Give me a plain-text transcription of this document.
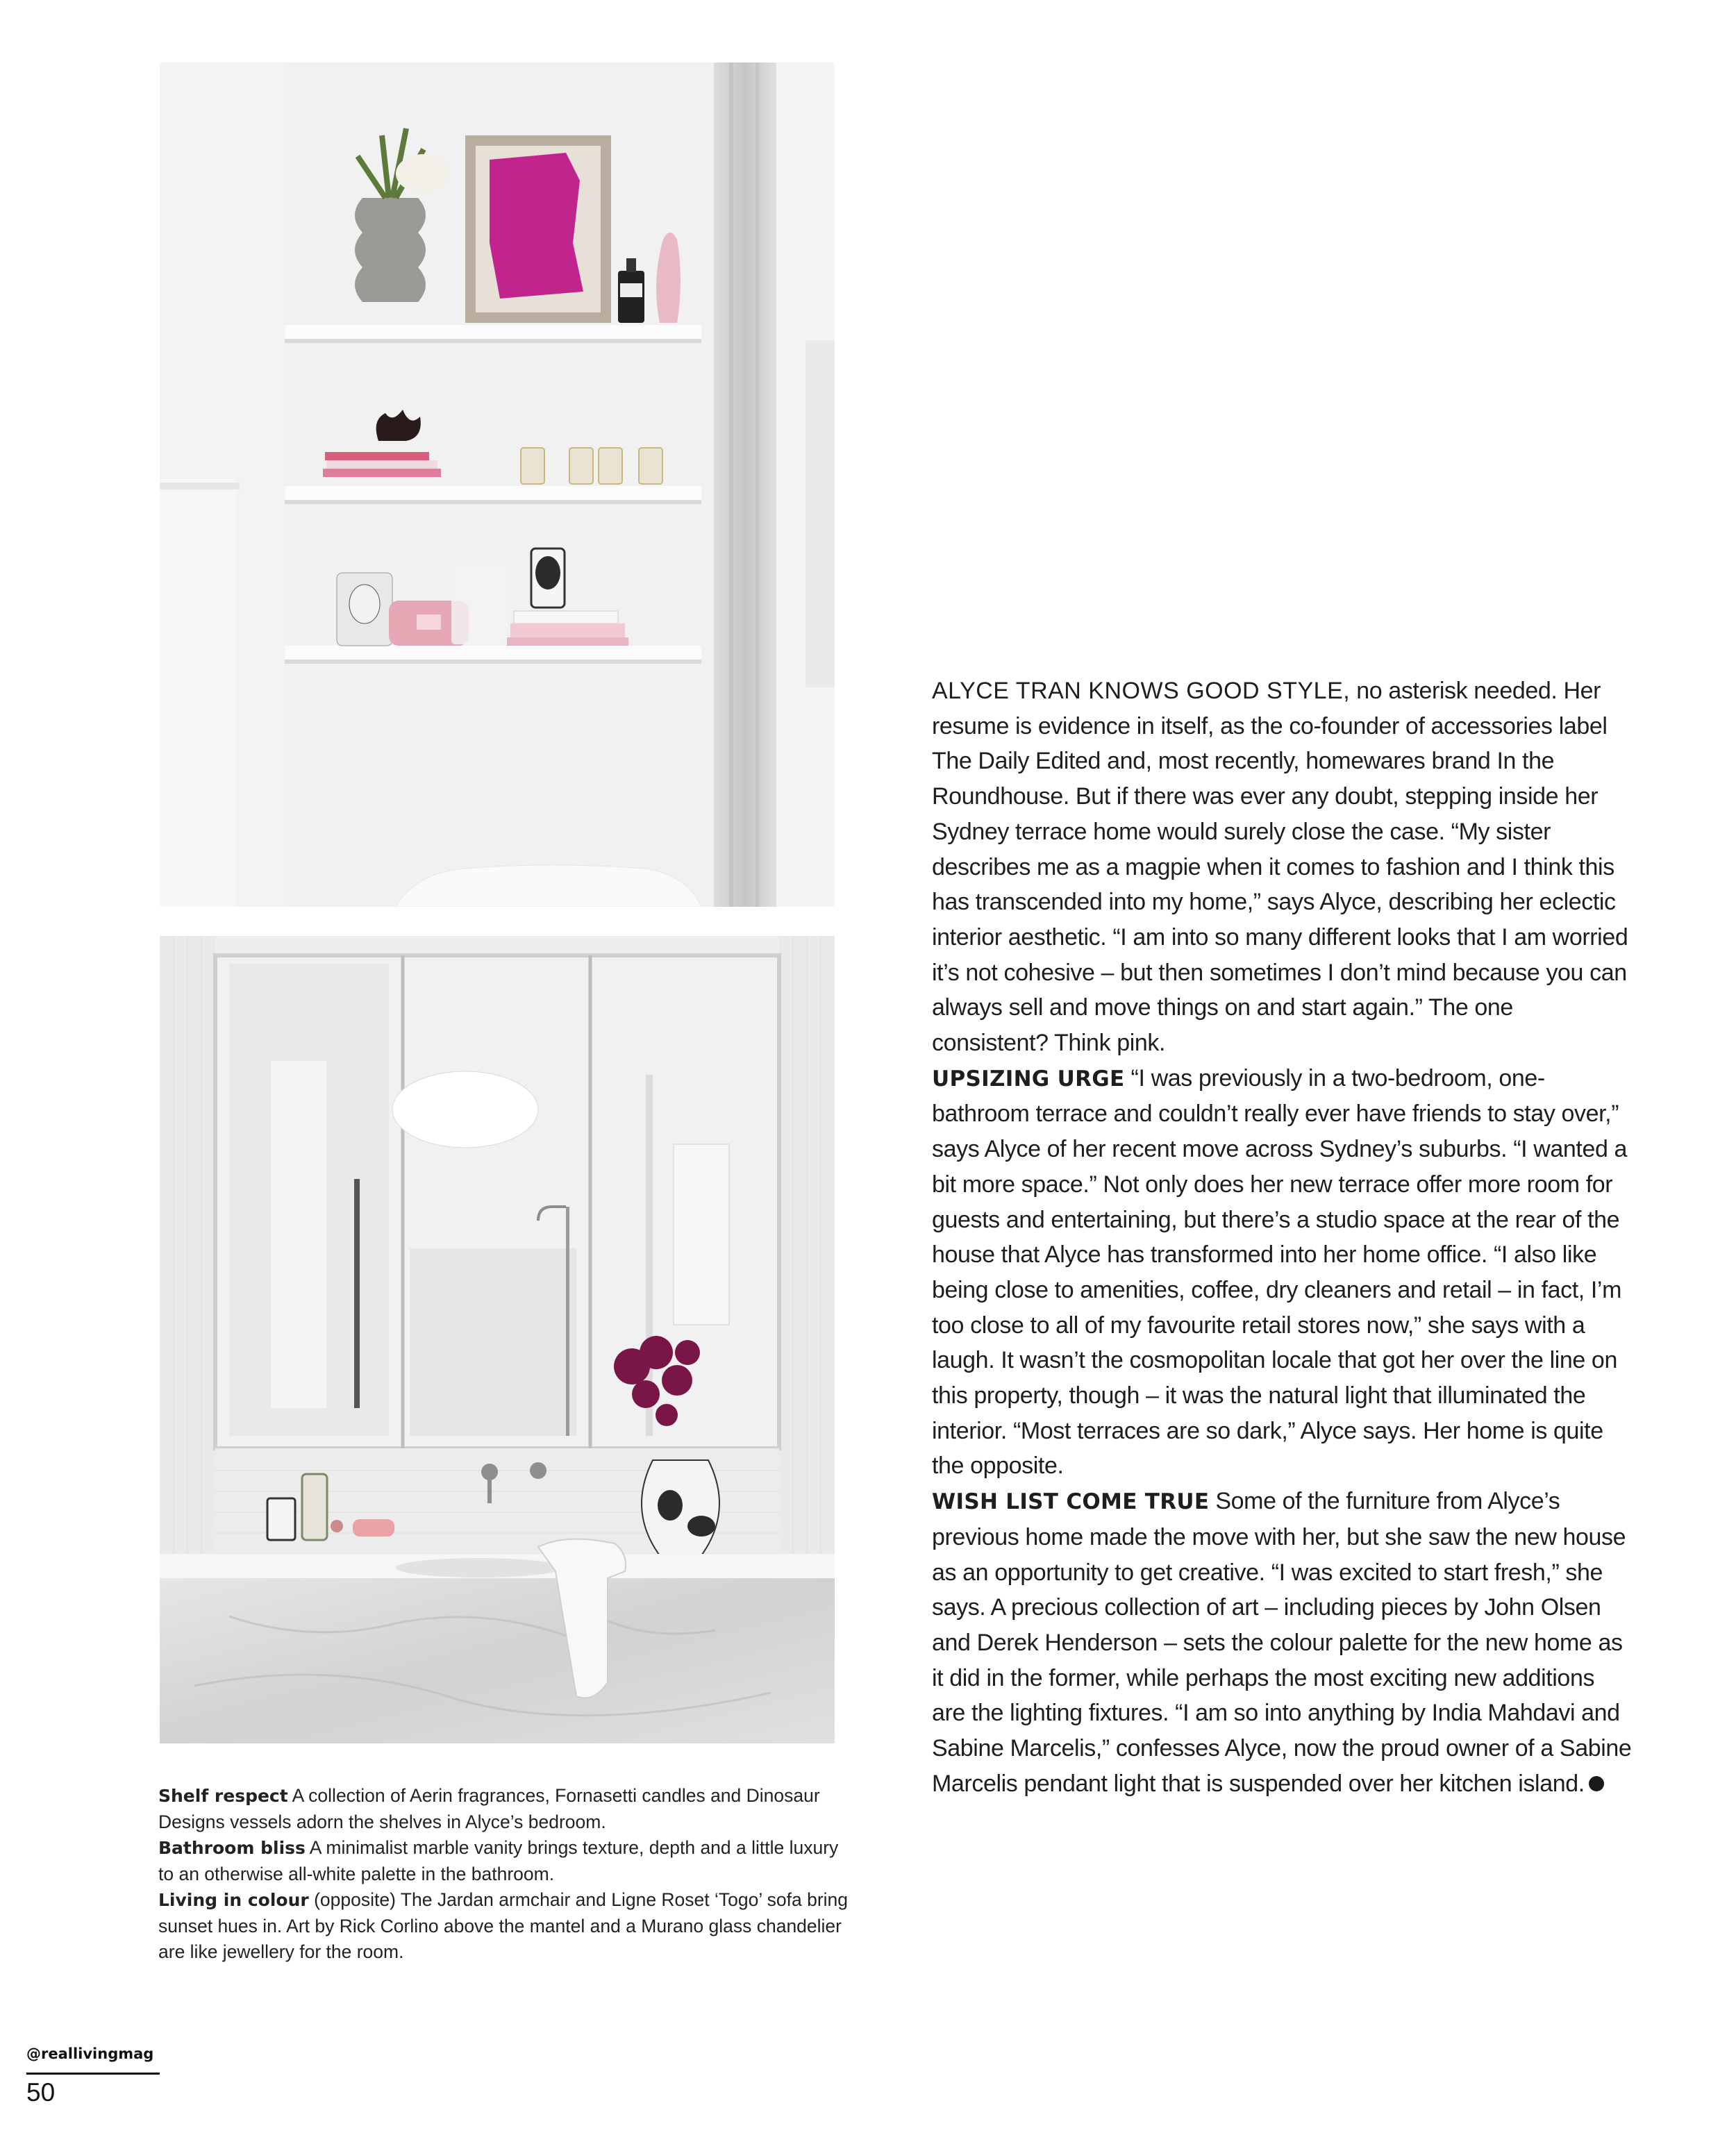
Shelf respect A collection of Aerin fragrances, Fornasetti candles and Dinosaur Designs vessels adorn the shelves in Alyce’s bedroom.

Bathroom bliss A minimalist marble vanity brings texture, depth and a little luxury to an otherwise all-white palette in the bathroom.

Living in colour (opposite) The Jardan armchair and Ligne Roset ‘Togo’ sofa bring sunset hues in. Art by Rick Corlino above the mantel and a Murano glass chandelier are like jewellery for the room.

ALYCE TRAN KNOWS GOOD STYLE, no asterisk needed. Her resume is evidence in itself, as the co-founder of accessories label The Daily Edited and, most recently, homewares brand In the Roundhouse. But if there was ever any doubt, stepping inside her Sydney terrace home would surely close the case. “My sister describes me as a magpie when it comes to fashion and I think this has transcended into my home,” says Alyce, describing her eclectic interior aesthetic. “I am into so many different looks that I am worried it’s not cohesive – but then sometimes I don’t mind because you can always sell and move things on and start again.” The one consistent? Think pink.

UPSIZING URGE “I was previously in a two-bedroom, one-bathroom terrace and couldn’t really ever have friends to stay over,” says Alyce of her recent move across Sydney’s suburbs. “I wanted a bit more space.” Not only does her new terrace offer more room for guests and entertaining, but there’s a studio space at the rear of the house that Alyce has transformed into her home office. “I also like being close to amenities, coffee, dry cleaners and retail – in fact, I’m too close to all of my favourite retail stores now,” she says with a laugh. It wasn’t the cosmopolitan locale that got her over the line on this property, though – it was the natural light that illuminated the interior. “Most terraces are so dark,” Alyce says. Her home is quite the opposite.

WISH LIST COME TRUE Some of the furniture from Alyce’s previous home made the move with her, but she saw the new house as an opportunity to get creative. “I was excited to start fresh,” she says. A precious collection of art – including pieces by John Olsen and Derek Henderson – sets the colour palette for the new home as it did in the former, while perhaps the most exciting new additions are the lighting fixtures. “I am so into anything by India Mahdavi and Sabine Marcelis,” confesses Alyce, now the proud owner of a Sabine Marcelis pendant light that is suspended over her kitchen island.

@reallivingmag
50
